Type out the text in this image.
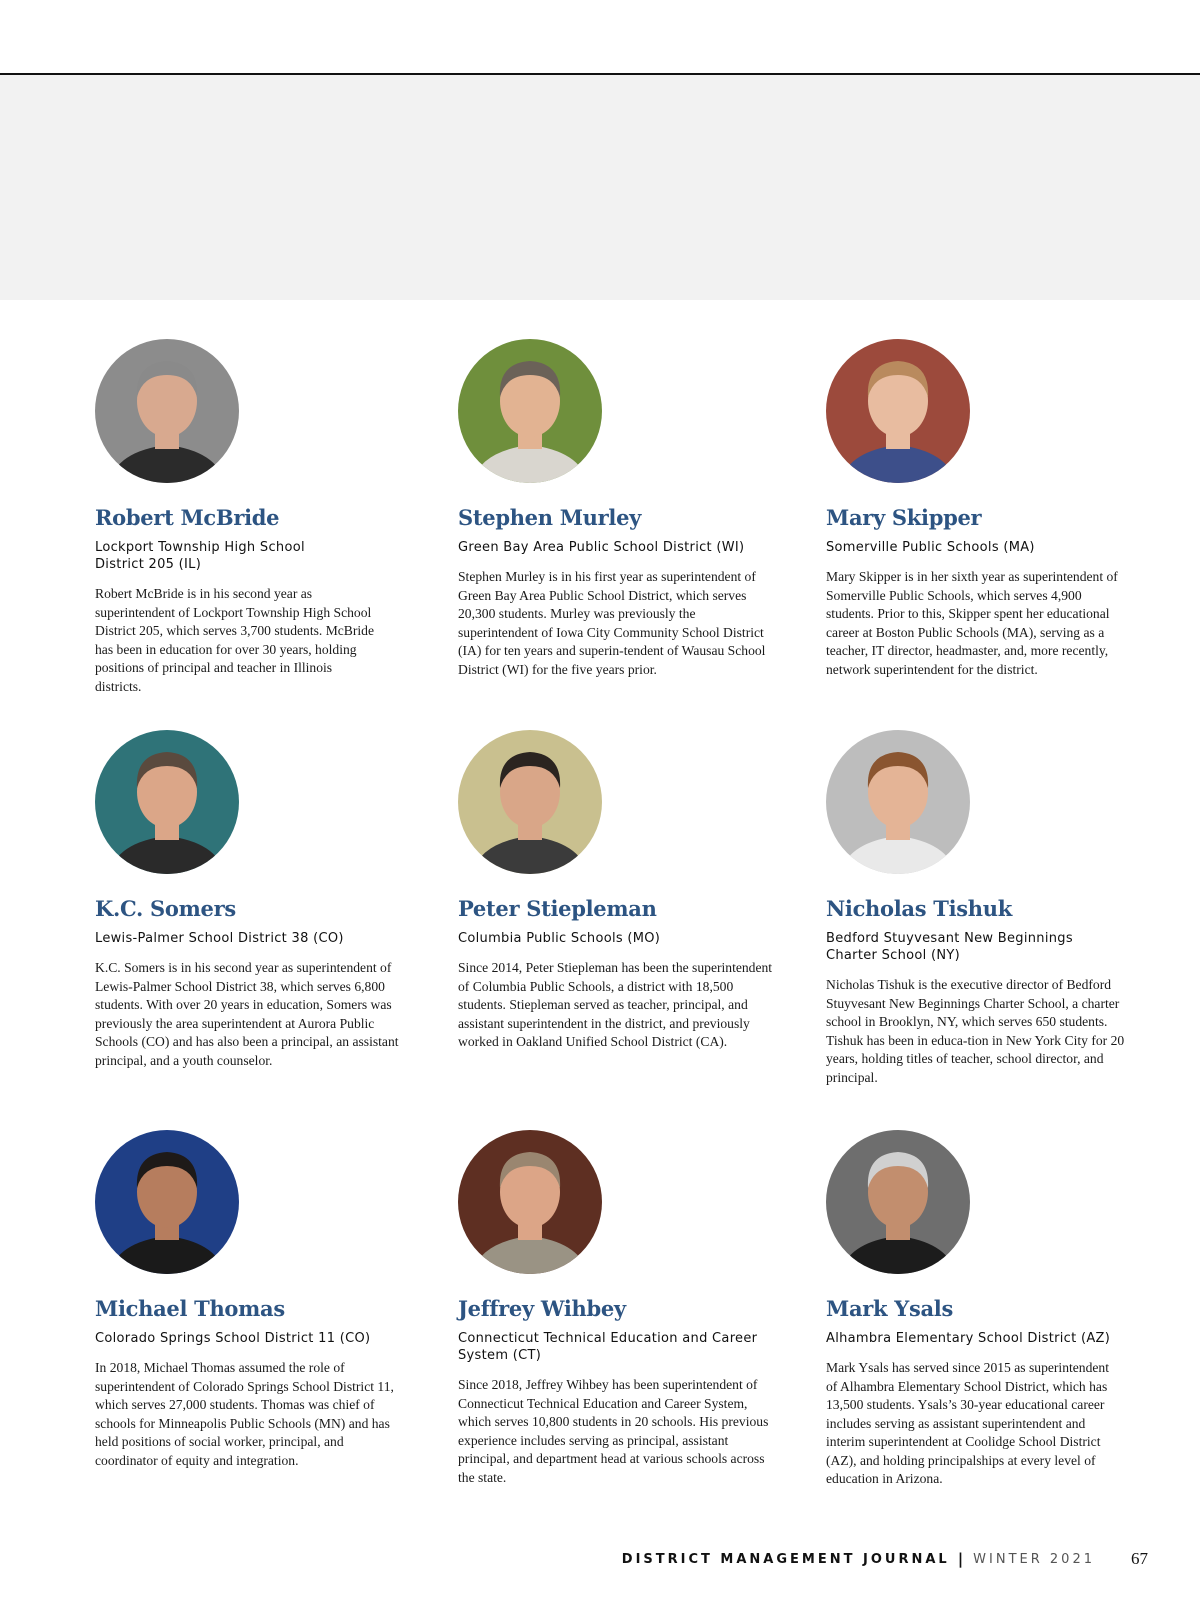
Robert McBride
Lockport Township High School District 205 (IL)
Robert McBride is in his second year as superintendent of Lockport Township High School District 205, which serves 3,700 students. McBride has been in education for over 30 years, holding positions of principal and teacher in Illinois districts.
Stephen Murley
Green Bay Area Public School District (WI)
Stephen Murley is in his first year as superintendent of Green Bay Area Public School District, which serves 20,300 students. Murley was previously the superintendent of Iowa City Community School District (IA) for ten years and superin-tendent of Wausau School District (WI) for the five years prior.
Mary Skipper
Somerville Public Schools (MA)
Mary Skipper is in her sixth year as superintendent of Somerville Public Schools, which serves 4,900 students. Prior to this, Skipper spent her educational career at Boston Public Schools (MA), serving as a teacher, IT director, headmaster, and, more recently, network superintendent for the district.
K.C. Somers
Lewis-Palmer School District 38 (CO)
K.C. Somers is in his second year as superintendent of Lewis-Palmer School District 38, which serves 6,800 students. With over 20 years in education, Somers was previously the area superintendent at Aurora Public Schools (CO) and has also been a principal, an assistant principal, and a youth counselor.
Peter Stiepleman
Columbia Public Schools (MO)
Since 2014, Peter Stiepleman has been the superintendent of Columbia Public Schools, a district with 18,500 students. Stiepleman served as teacher, principal, and assistant superintendent in the district, and previously worked in Oakland Unified School District (CA).
Nicholas Tishuk
Bedford Stuyvesant New Beginnings Charter School (NY)
Nicholas Tishuk is the executive director of Bedford Stuyvesant New Beginnings Charter School, a charter school in Brooklyn, NY, which serves 650 students. Tishuk has been in educa-tion in New York City for 20 years, holding titles of teacher, school director, and principal.
Michael Thomas
Colorado Springs School District 11 (CO)
In 2018, Michael Thomas assumed the role of superintendent of Colorado Springs School District 11, which serves 27,000 students. Thomas was chief of schools for Minneapolis Public Schools (MN) and has held positions of social worker, principal, and coordinator of equity and integration.
Jeffrey Wihbey
Connecticut Technical Education and Career System (CT)
Since 2018, Jeffrey Wihbey has been superintendent of Connecticut Technical Education and Career System, which serves 10,800 students in 20 schools. His previous experience includes serving as principal, assistant principal, and department head at various schools across the state.
Mark Ysals
Alhambra Elementary School District (AZ)
Mark Ysals has served since 2015 as superintendent of Alhambra Elementary School District, which has 13,500 students. Ysals’s 30-year educational career includes serving as assistant superintendent and interim superintendent at Coolidge School District (AZ), and holding principalships at every level of education in Arizona.
DISTRICT MANAGEMENT JOURNAL | WINTER 2021 67
